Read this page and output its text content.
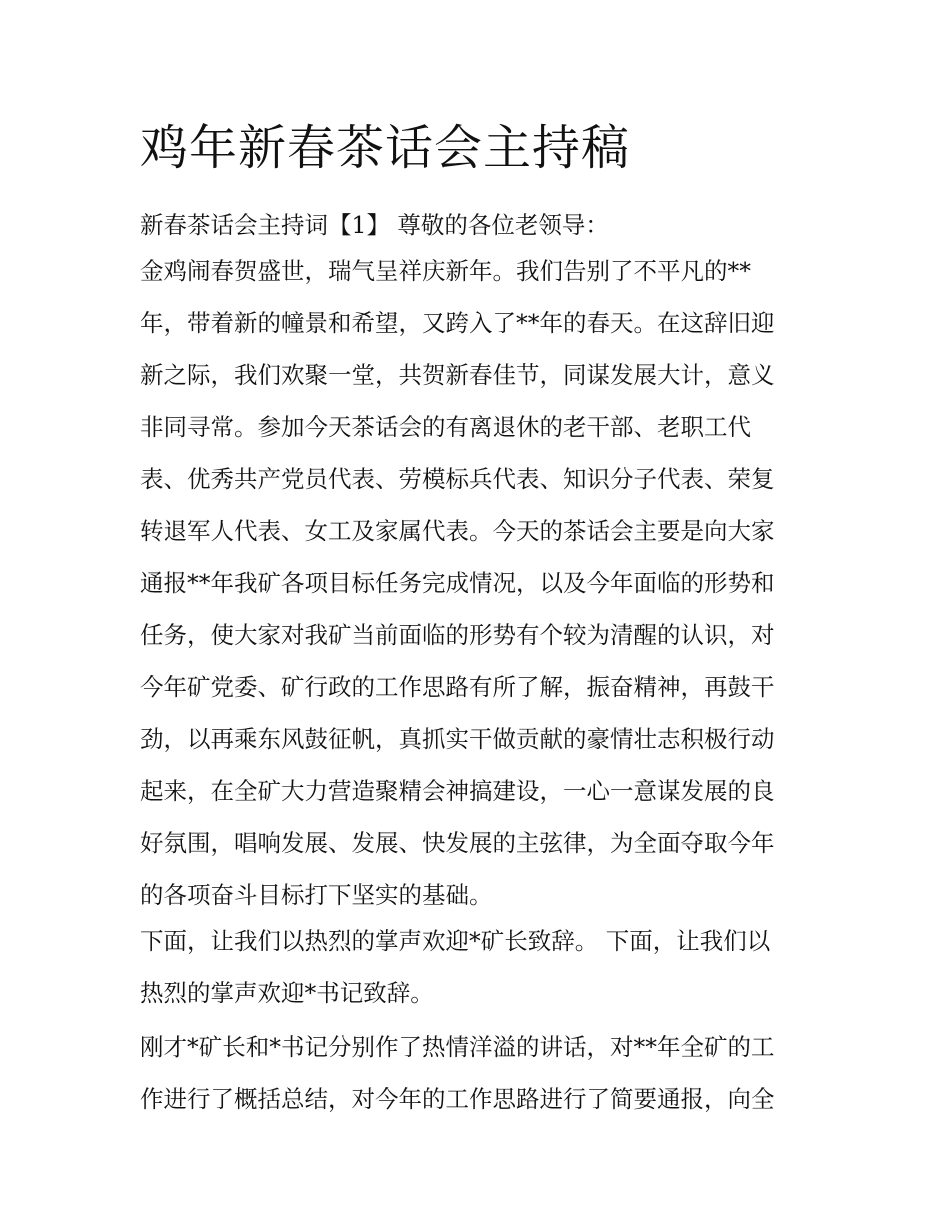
鸡年新春茶话会主持稿
新春茶话会主持词【1】 尊敬的各位老领导：
金鸡闹春贺盛世，瑞气呈祥庆新年。我们告别了不平凡的**
年，带着新的幢景和希望，又跨入了**年的春天。在这辞旧迎
新之际，我们欢聚一堂，共贺新春佳节，同谋发展大计，意义
非同寻常。参加今天茶话会的有离退休的老干部、老职工代
表、优秀共产党员代表、劳模标兵代表、知识分子代表、荣复
转退军人代表、女工及家属代表。今天的茶话会主要是向大家
通报**年我矿各项目标任务完成情况，以及今年面临的形势和
任务，使大家对我矿当前面临的形势有个较为清醒的认识，对
今年矿党委、矿行政的工作思路有所了解，振奋精神，再鼓干
劲，以再乘东风鼓征帆，真抓实干做贡献的豪情壮志积极行动
起来，在全矿大力营造聚精会神搞建设，一心一意谋发展的良
好氛围，唱响发展、发展、快发展的主弦律，为全面夺取今年
的各项奋斗目标打下坚实的基础。
下面，让我们以热烈的掌声欢迎*矿长致辞。 下面，让我们以
热烈的掌声欢迎*书记致辞。
刚才*矿长和*书记分别作了热情洋溢的讲话，对**年全矿的工
作进行了概括总结，对今年的工作思路进行了简要通报，向全
